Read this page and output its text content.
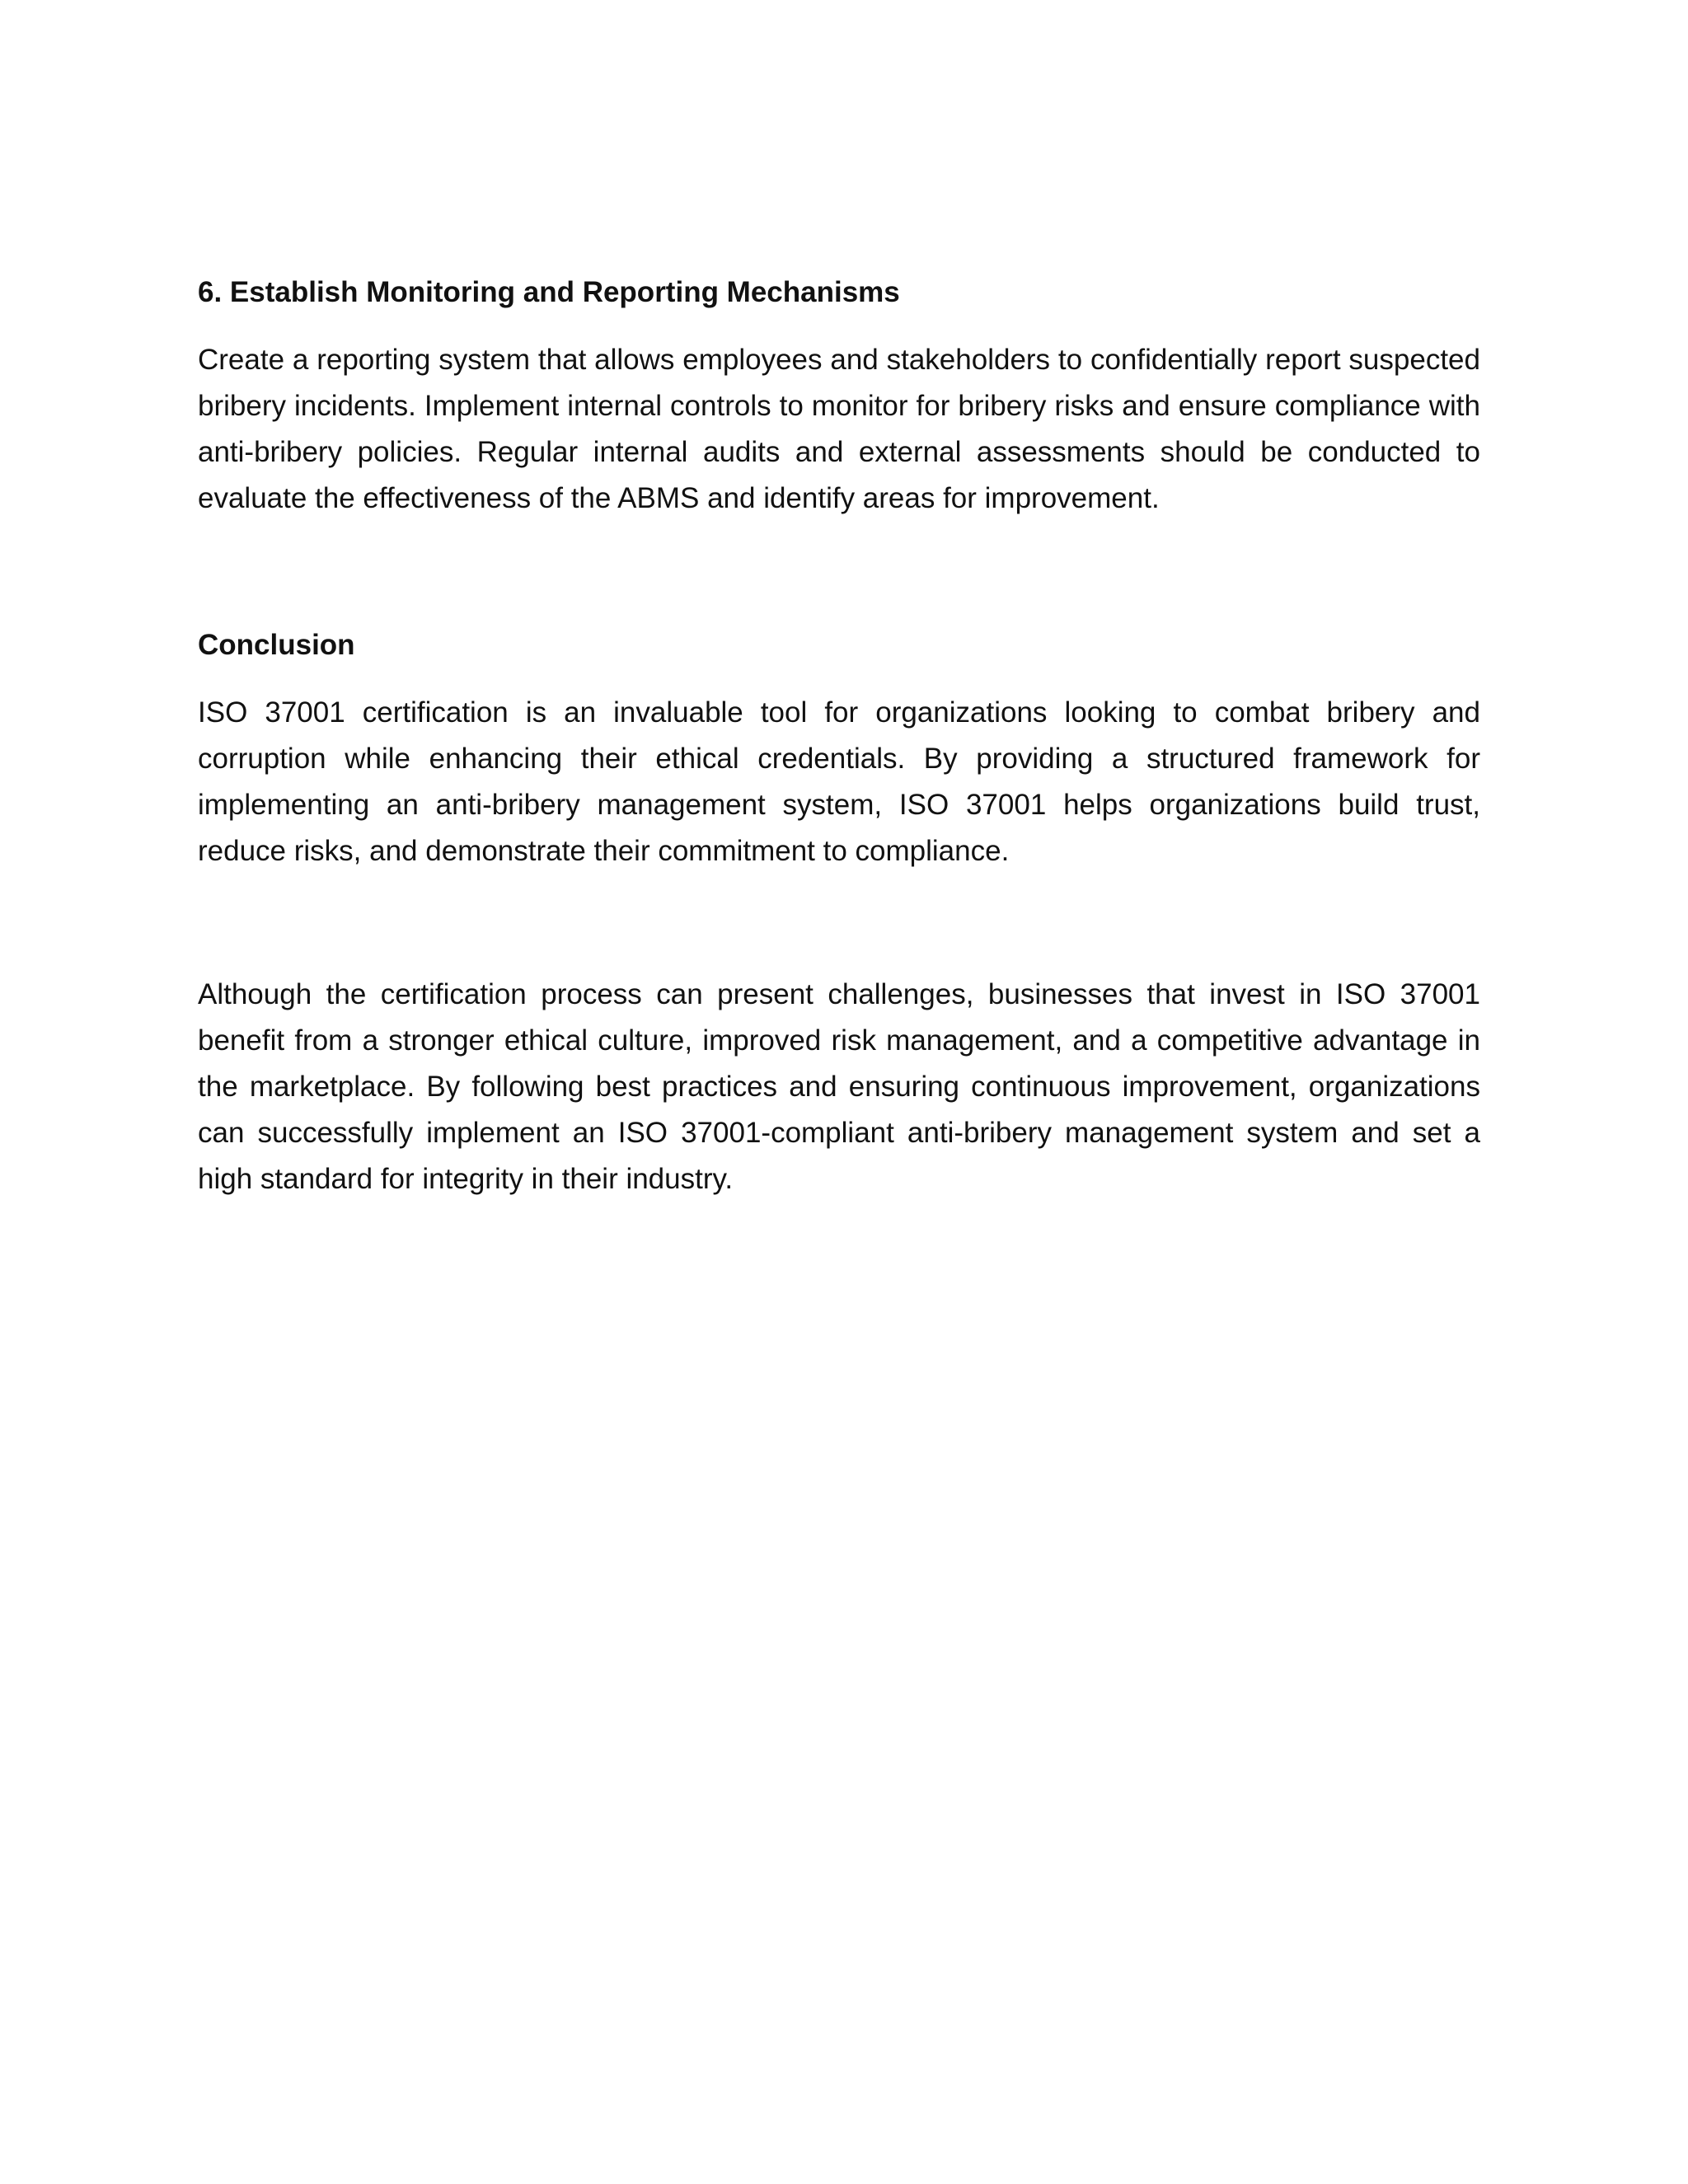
6. Establish Monitoring and Reporting Mechanisms

Create a reporting system that allows employees and stakeholders to confidentially report suspected bribery incidents. Implement internal controls to monitor for bribery risks and ensure compliance with anti-bribery policies. Regular internal audits and external assessments should be conducted to evaluate the effectiveness of the ABMS and identify areas for improvement.

Conclusion

ISO 37001 certification is an invaluable tool for organizations looking to combat bribery and corruption while enhancing their ethical credentials. By providing a structured framework for implementing an anti-bribery management system, ISO 37001 helps organizations build trust, reduce risks, and demonstrate their commitment to compliance.

Although the certification process can present challenges, businesses that invest in ISO 37001 benefit from a stronger ethical culture, improved risk management, and a competitive advantage in the marketplace. By following best practices and ensuring continuous improvement, organizations can successfully implement an ISO 37001-compliant anti-bribery management system and set a high standard for integrity in their industry.
